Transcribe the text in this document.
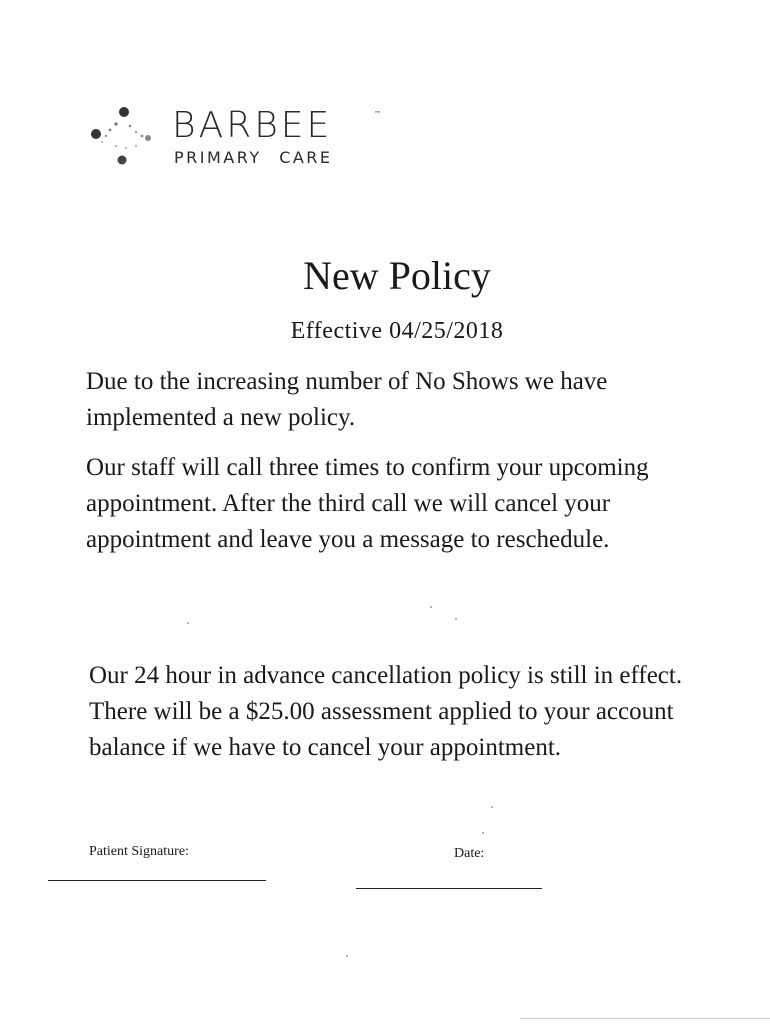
BARBEE	™
PRIMARY CARE
New Policy
Effective 04/25/2018

Due to the increasing number of No Shows we have implemented a new policy.

Our staff will call three times to confirm your upcoming appointment. After the third call we will cancel your appointment and leave you a message to reschedule.

Our 24 hour in advance cancellation policy is still in effect. There will be a $25.00 assessment applied to your account balance if we have to cancel your appointment.

Patient Signature:	Date:
